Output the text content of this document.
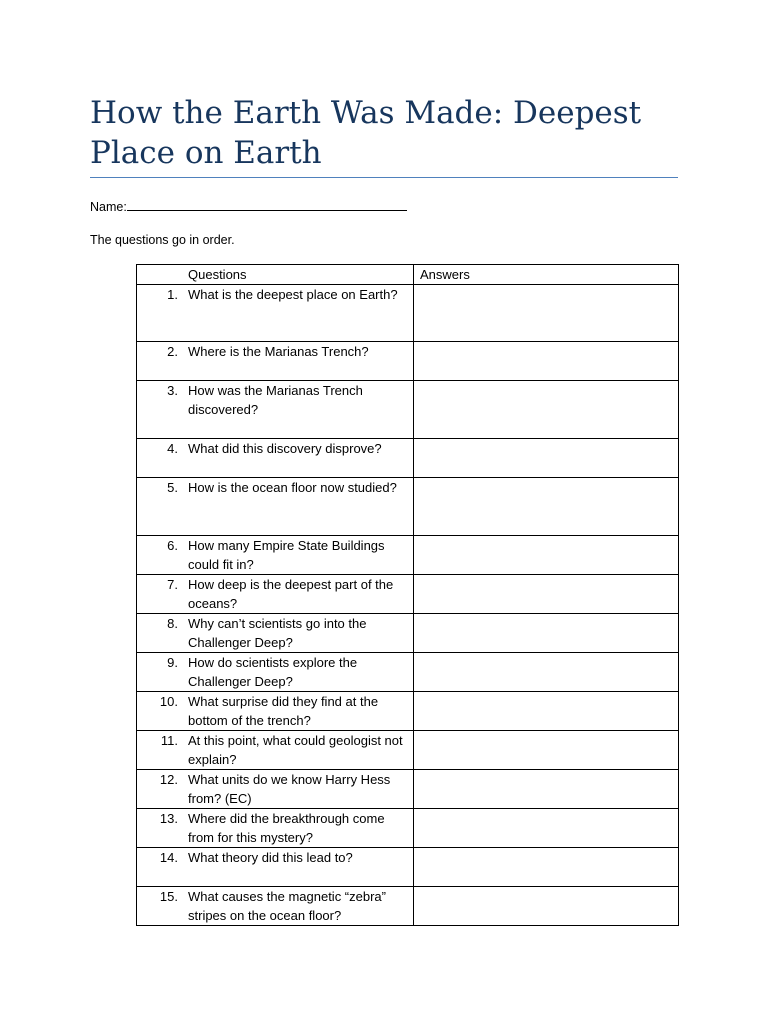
How the Earth Was Made: Deepest Place on Earth
Name:
The questions go in order.
Questions	Answers

1. What is the deepest place on Earth?	

2. Where is the Marianas Trench?	

3. How was the Marianas Trench discovered?	

4. What did this discovery disprove?	

5. How is the ocean floor now studied?	

6. How many Empire State Buildings could fit in?	

7. How deep is the deepest part of the oceans?	

8. Why can’t scientists go into the Challenger Deep?	

9. How do scientists explore the Challenger Deep?	

10. What surprise did they find at the bottom of the trench?	

11. At this point, what could geologist not explain?	

12. What units do we know Harry Hess from? (EC)	

13. Where did the breakthrough come from for this mystery?	

14. What theory did this lead to?	

15. What causes the magnetic “zebra” stripes on the ocean floor?	
